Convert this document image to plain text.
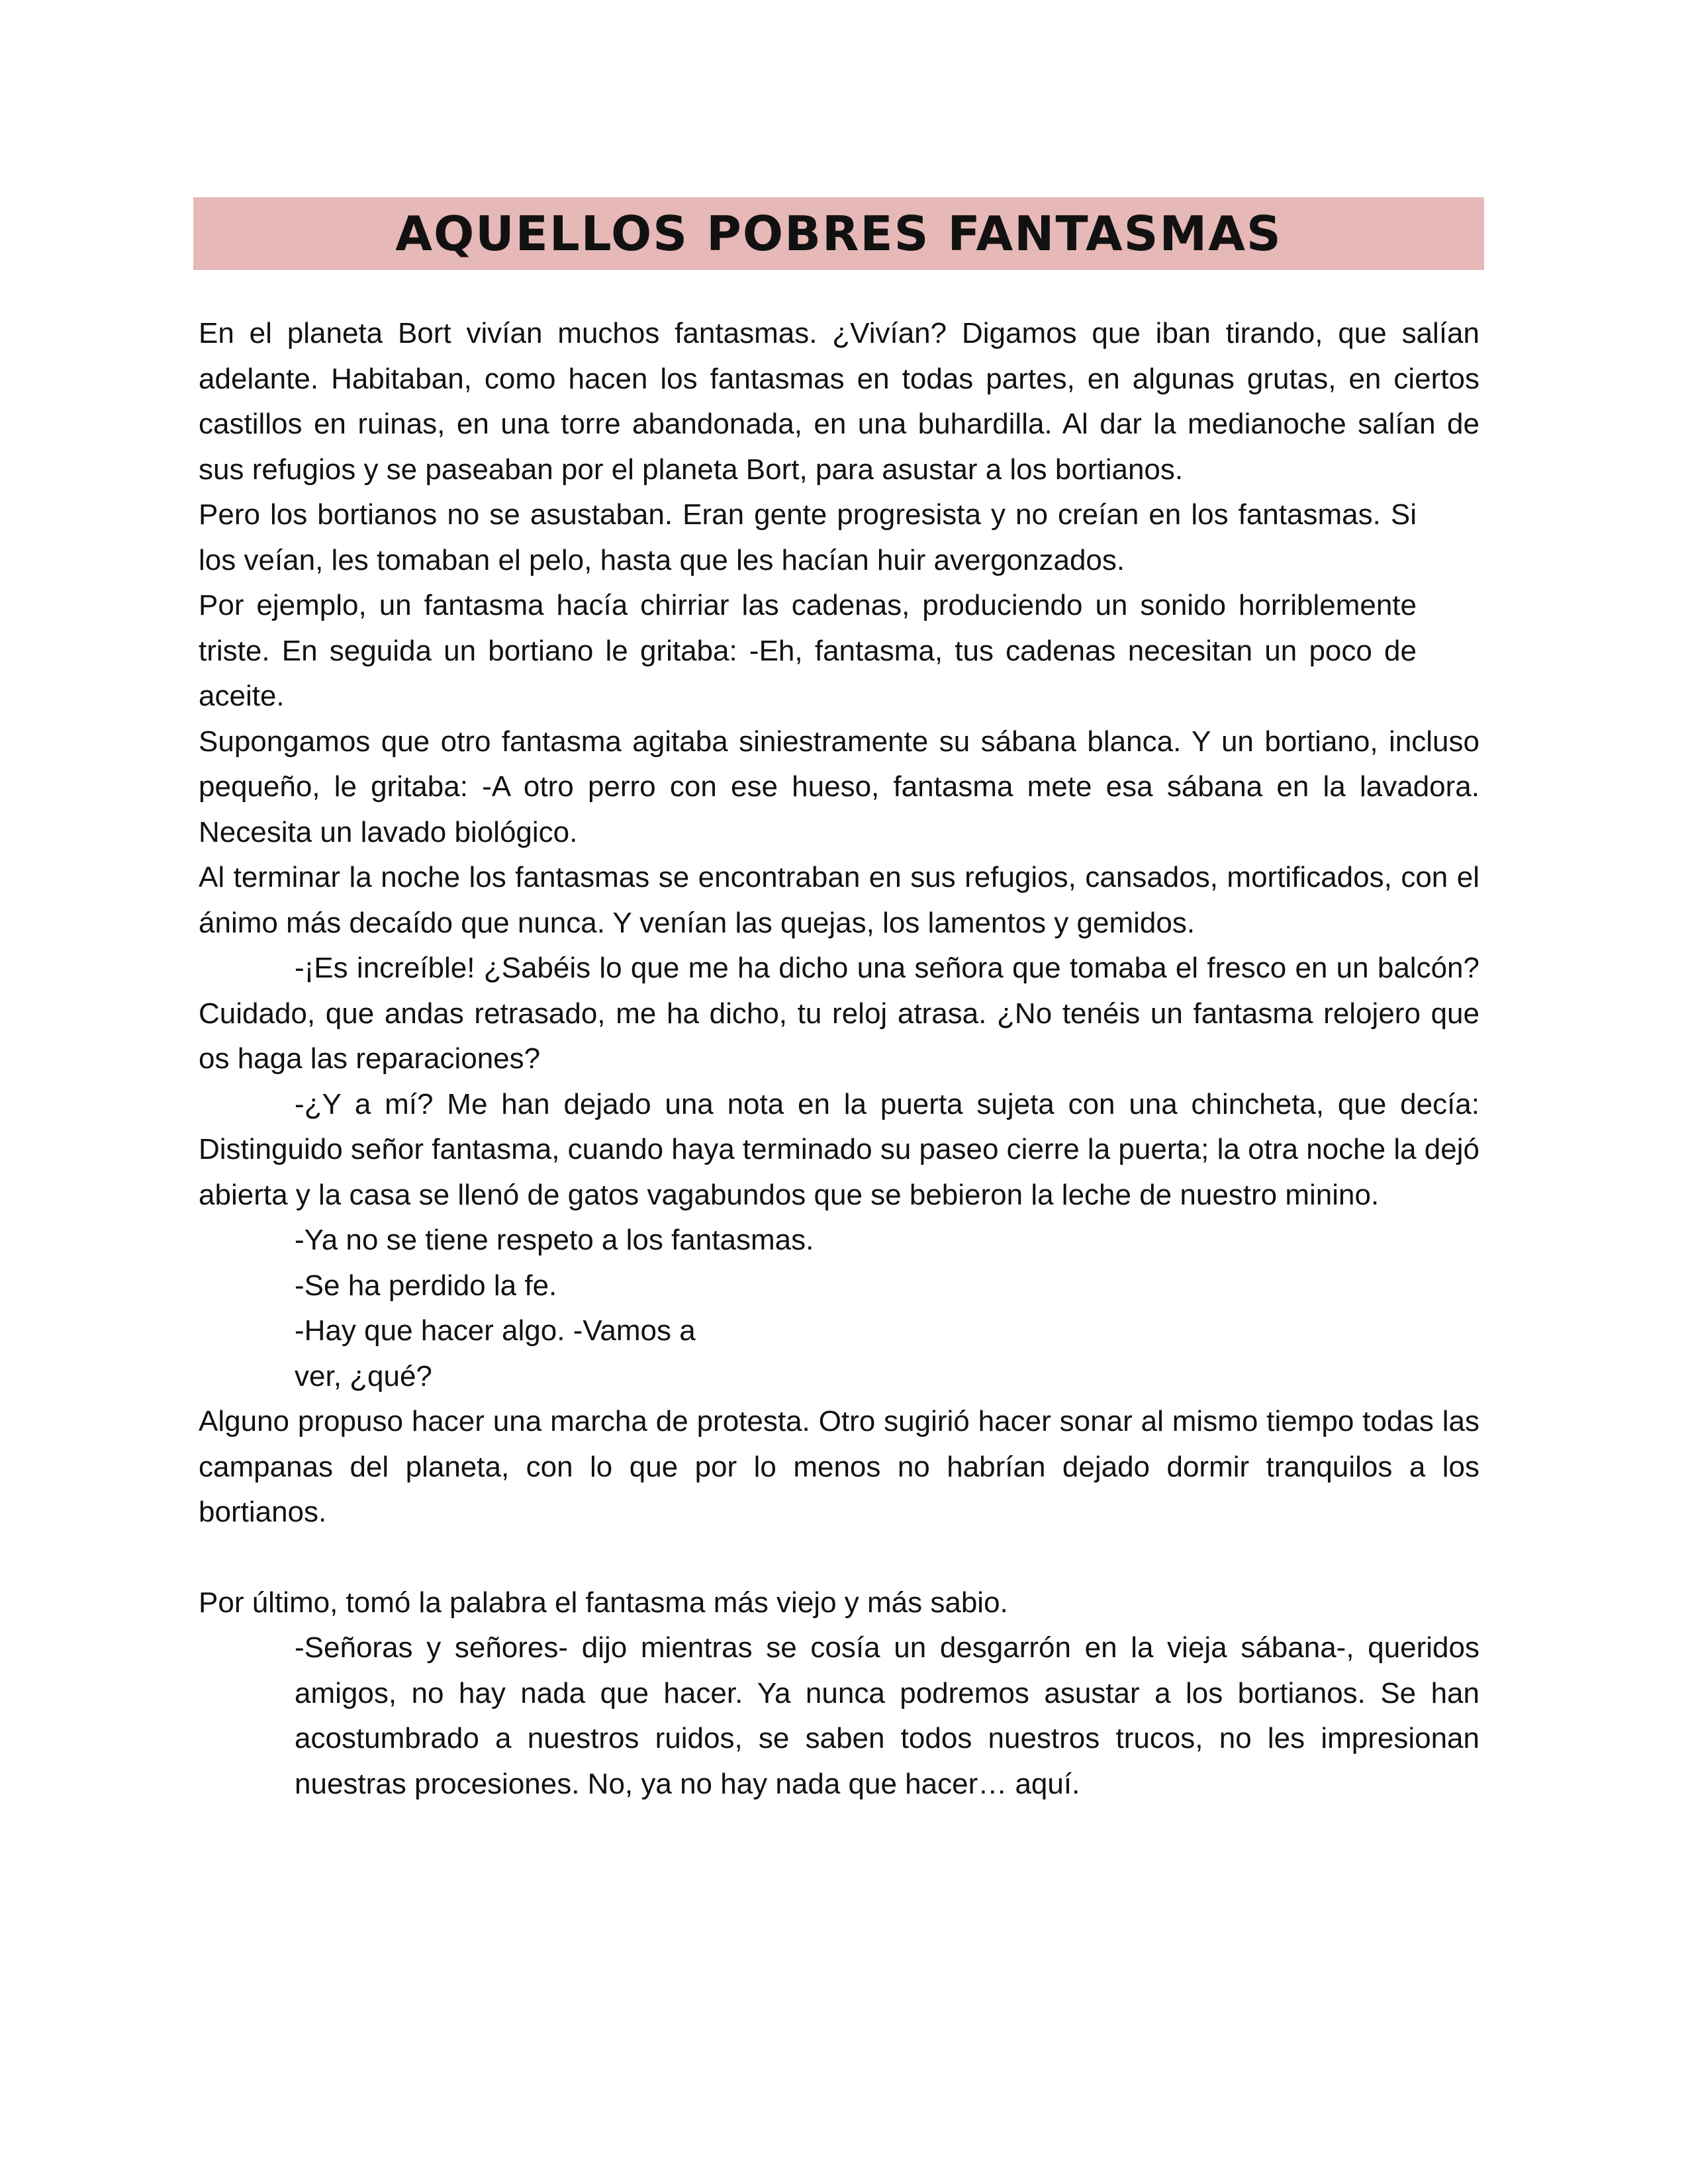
AQUELLOS POBRES FANTASMAS

En el planeta Bort vivían muchos fantasmas. ¿Vivían? Digamos que iban tirando, que salían adelante. Habitaban, como hacen los fantasmas en todas partes, en algunas grutas, en ciertos castillos en ruinas, en una torre abandonada, en una buhardilla. Al dar la medianoche salían de sus refugios y se paseaban por el planeta Bort, para asustar a los bortianos.

Pero los bortianos no se asustaban. Eran gente progresista y no creían en los fantasmas. Si los veían, les tomaban el pelo, hasta que les hacían huir avergonzados.

Por ejemplo, un fantasma hacía chirriar las cadenas, produciendo un sonido horriblemente triste. En seguida un bortiano le gritaba: -Eh, fantasma, tus cadenas necesitan un poco de aceite.

Supongamos que otro fantasma agitaba siniestramente su sábana blanca. Y un bortiano, incluso pequeño, le gritaba: -A otro perro con ese hueso, fantasma mete esa sábana en la lavadora. Necesita un lavado biológico.

Al terminar la noche los fantasmas se encontraban en sus refugios, cansados, mortificados, con el ánimo más decaído que nunca. Y venían las quejas, los lamentos y gemidos.

-¡Es increíble! ¿Sabéis lo que me ha dicho una señora que tomaba el fresco en un balcón? Cuidado, que andas retrasado, me ha dicho, tu reloj atrasa. ¿No tenéis un fantasma relojero que os haga las reparaciones?

-¿Y a mí? Me han dejado una nota en la puerta sujeta con una chincheta, que decía: Distinguido señor fantasma, cuando haya terminado su paseo cierre la puerta; la otra noche la dejó abierta y la casa se llenó de gatos vagabundos que se bebieron la leche de nuestro minino.

-Ya no se tiene respeto a los fantasmas.

-Se ha perdido la fe.

-Hay que hacer algo. -Vamos a

ver, ¿qué?

Alguno propuso hacer una marcha de protesta. Otro sugirió hacer sonar al mismo tiempo todas las campanas del planeta, con lo que por lo menos no habrían dejado dormir tranquilos a los bortianos.

Por último, tomó la palabra el fantasma más viejo y más sabio.

-Señoras y señores- dijo mientras se cosía un desgarrón en la vieja sábana-, queridos amigos, no hay nada que hacer. Ya nunca podremos asustar a los bortianos. Se han acostumbrado a nuestros ruidos, se saben todos nuestros trucos, no les impresionan nuestras procesiones. No, ya no hay nada que hacer… aquí.
